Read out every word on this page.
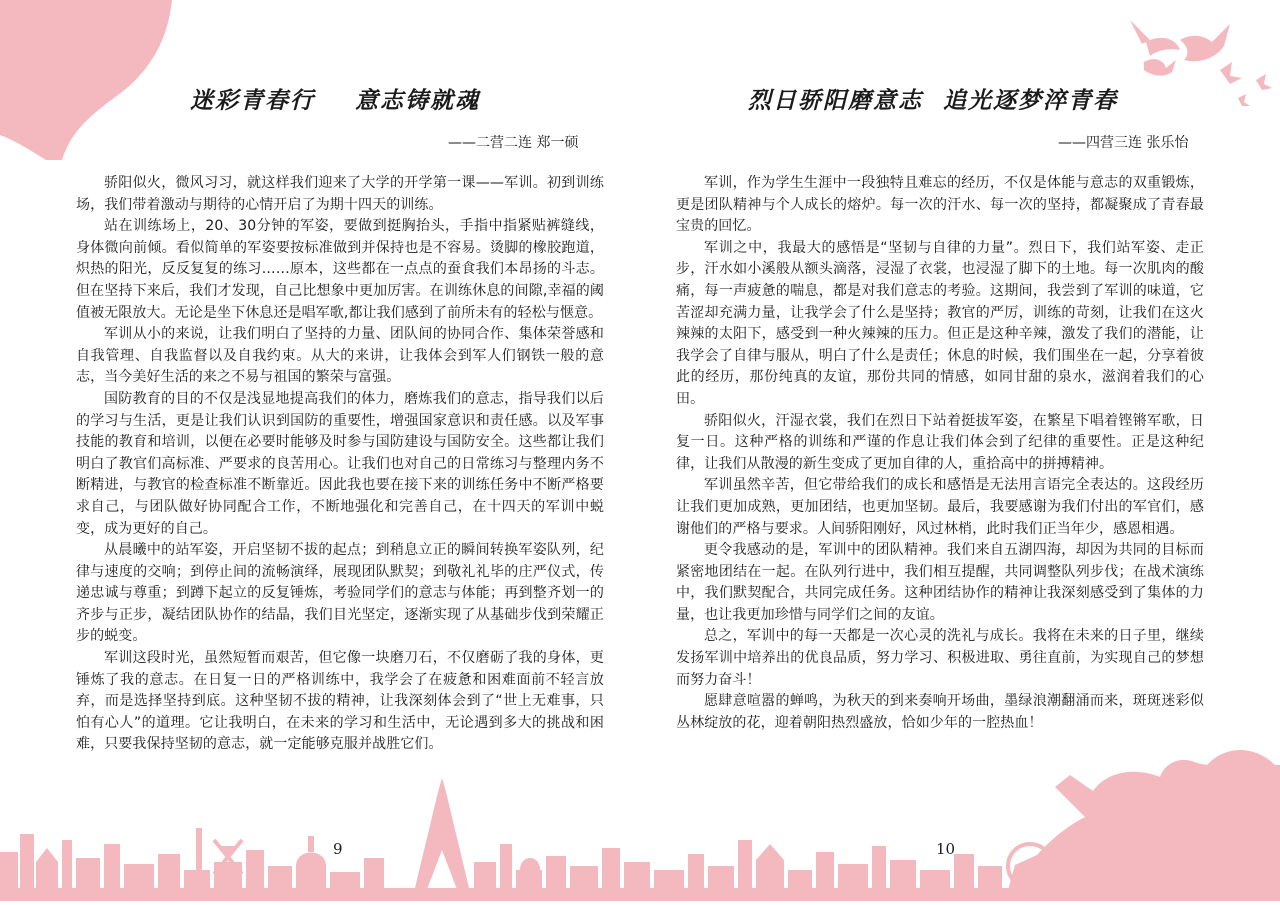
迷彩青春行    意志铸就魂
——二营二连 郑一硕

骄阳似火，微风习习，就这样我们迎来了大学的开学第一课——军训。初到训练场，我们带着激动与期待的心情开启了为期十四天的训练。

站在训练场上，20、30分钟的军姿，要做到挺胸抬头，手指中指紧贴裤缝线，身体微向前倾。看似简单的军姿要按标准做到并保持也是不容易。烫脚的橡胶跑道，炽热的阳光，反反复复的练习……原本，这些都在一点点的蚕食我们本昂扬的斗志。但在坚持下来后，我们才发现，自己比想象中更加厉害。在训练休息的间隙,幸福的阈值被无限放大。无论是坐下休息还是唱军歌,都让我们感到了前所未有的轻松与惬意。

军训从小的来说，让我们明白了坚持的力量、团队间的协同合作、集体荣誉感和自我管理、自我监督以及自我约束。从大的来讲，让我体会到军人们钢铁一般的意志，当今美好生活的来之不易与祖国的繁荣与富强。

国防教育的目的不仅是浅显地提高我们的体力，磨炼我们的意志，指导我们以后的学习与生活，更是让我们认识到国防的重要性，增强国家意识和责任感。以及军事技能的教育和培训，以便在必要时能够及时参与国防建设与国防安全。这些都让我们明白了教官们高标准、严要求的良苦用心。让我们也对自己的日常练习与整理内务不断精进，与教官的检查标准不断靠近。因此我也要在接下来的训练任务中不断严格要求自己，与团队做好协同配合工作，不断地强化和完善自己，在十四天的军训中蜕变，成为更好的自己。

从晨曦中的站军姿，开启坚韧不拔的起点；到稍息立正的瞬间转换军姿队列，纪律与速度的交响；到停止间的流畅演绎，展现团队默契；到敬礼礼毕的庄严仪式，传递忠诚与尊重；到蹲下起立的反复锤炼，考验同学们的意志与体能；再到整齐划一的齐步与正步，凝结团队协作的结晶，我们目光坚定，逐渐实现了从基础步伐到荣耀正步的蜕变。

军训这段时光，虽然短暂而艰苦，但它像一块磨刀石，不仅磨砺了我的身体，更锤炼了我的意志。在日复一日的严格训练中，我学会了在疲惫和困难面前不轻言放弃，而是选择坚持到底。这种坚韧不拔的精神，让我深刻体会到了“世上无难事，只怕有心人”的道理。它让我明白，在未来的学习和生活中，无论遇到多大的挑战和困难，只要我保持坚韧的意志，就一定能够克服并战胜它们。

9
烈日骄阳磨意志  追光逐梦淬青春
——四营三连 张乐怡

军训，作为学生生涯中一段独特且难忘的经历，不仅是体能与意志的双重锻炼，更是团队精神与个人成长的熔炉。每一次的汗水、每一次的坚持，都凝聚成了青春最宝贵的回忆。

军训之中，我最大的感悟是“坚韧与自律的力量”。烈日下，我们站军姿、走正步，汗水如小溪般从额头滴落，浸湿了衣裳，也浸湿了脚下的土地。每一次肌肉的酸痛，每一声疲惫的喘息，都是对我们意志的考验。这期间，我尝到了军训的味道，它苦涩却充满力量，让我学会了什么是坚持；教官的严厉，训练的苛刻，让我们在这火辣辣的太阳下，感受到一种火辣辣的压力。但正是这种辛辣，激发了我们的潜能，让我学会了自律与服从，明白了什么是责任；休息的时候，我们围坐在一起，分享着彼此的经历，那份纯真的友谊，那份共同的情感，如同甘甜的泉水，滋润着我们的心田。

骄阳似火，汗湿衣裳，我们在烈日下站着挺拔军姿，在繁星下唱着铿锵军歌，日复一日。这种严格的训练和严谨的作息让我们体会到了纪律的重要性。正是这种纪律，让我们从散漫的新生变成了更加自律的人，重拾高中的拼搏精神。

军训虽然辛苦，但它带给我们的成长和感悟是无法用言语完全表达的。这段经历让我们更加成熟，更加团结，也更加坚韧。最后，我要感谢为我们付出的军官们，感谢他们的严格与要求。人间骄阳刚好，风过林梢，此时我们正当年少，感恩相遇。

更令我感动的是，军训中的团队精神。我们来自五湖四海，却因为共同的目标而紧密地团结在一起。在队列行进中，我们相互提醒，共同调整队列步伐；在战术演练中，我们默契配合，共同完成任务。这种团结协作的精神让我深刻感受到了集体的力量，也让我更加珍惜与同学们之间的友谊。

总之，军训中的每一天都是一次心灵的洗礼与成长。我将在未来的日子里，继续发扬军训中培养出的优良品质，努力学习、积极进取、勇往直前，为实现自己的梦想而努力奋斗！

愿肆意喧嚣的蝉鸣，为秋天的到来奏响开场曲，墨绿浪潮翻涌而来，斑斑迷彩似丛林绽放的花，迎着朝阳热烈盛放，恰如少年的一腔热血！

10
